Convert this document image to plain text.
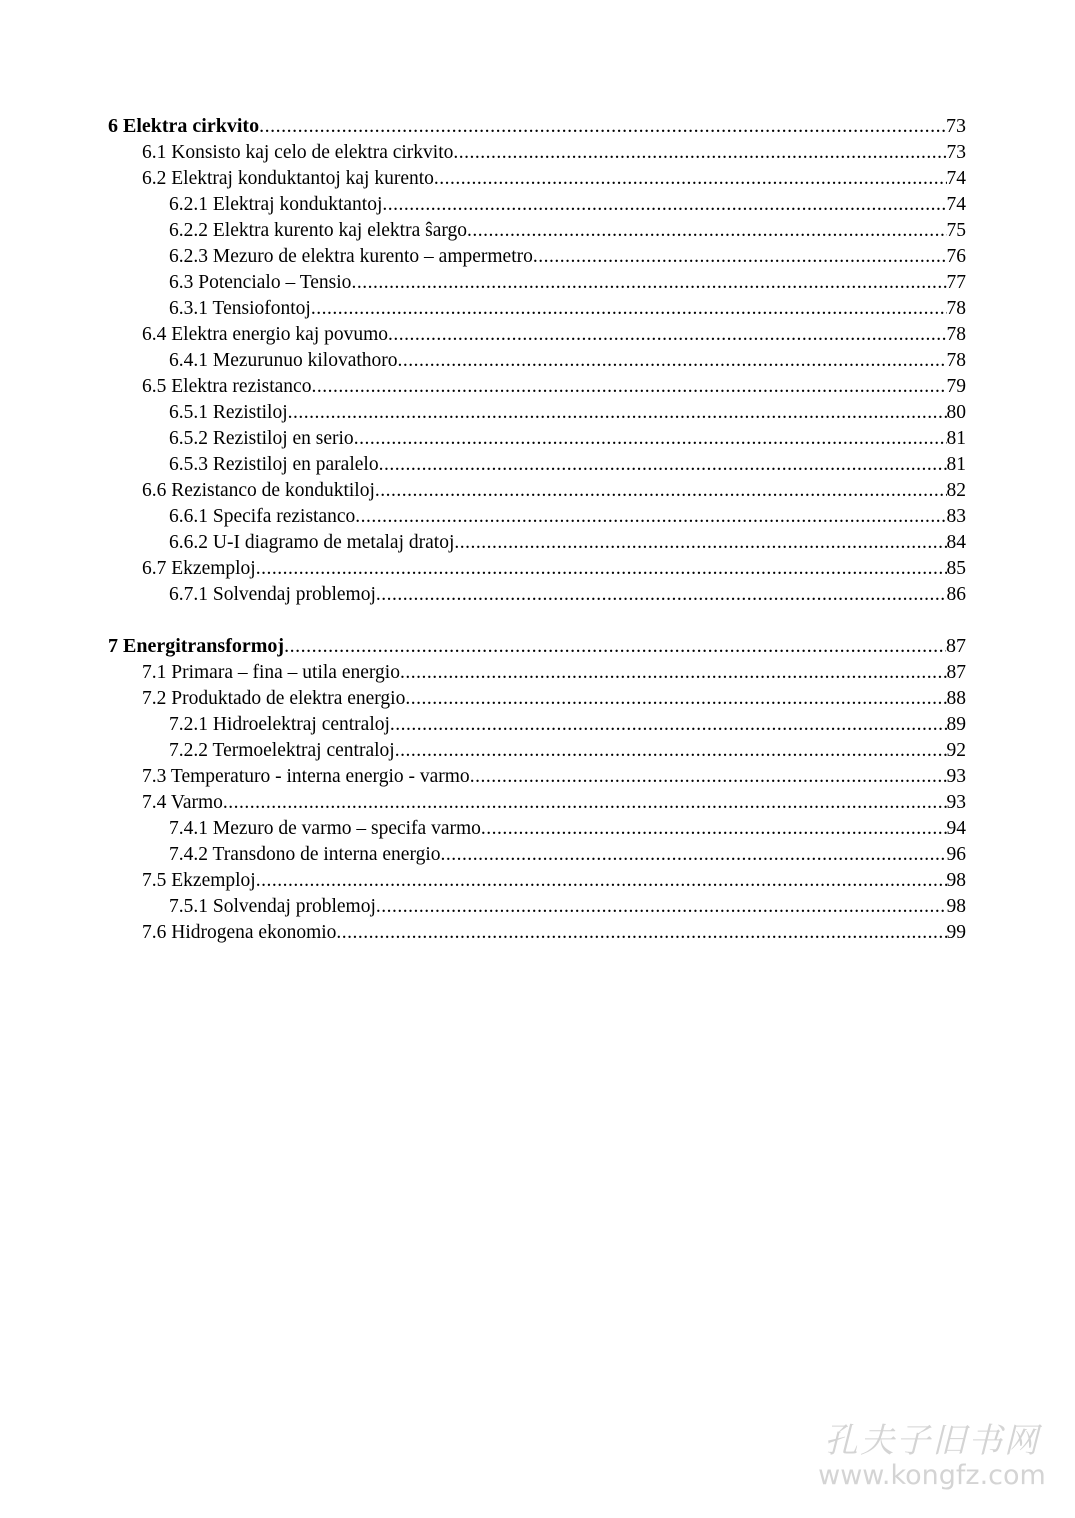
6 Elektra cirkvito .....	73
6.1 Konsisto kaj celo de elektra cirkvito .....	73
6.2 Elektraj konduktantoj kaj kurento .....	74
6.2.1 Elektraj konduktantoj .....	74
6.2.2 Elektra kurento kaj elektra ŝargo .....	75
6.2.3 Mezuro de elektra kurento – ampermetro .....	76
6.3 Potencialo – Tensio .....	77
6.3.1 Tensiofontoj .....	78
6.4 Elektra energio kaj povumo .....	78
6.4.1 Mezurunuo kilovathoro .....	78
6.5 Elektra rezistanco .....	79
6.5.1 Rezistiloj .....	80
6.5.2 Rezistiloj en serio .....	81
6.5.3 Rezistiloj en paralelo .....	81
6.6 Rezistanco de konduktiloj .....	82
6.6.1 Specifa rezistanco .....	83
6.6.2 U-I diagramo de metalaj dratoj .....	84
6.7 Ekzemploj .....	85
6.7.1 Solvendaj problemoj .....	86
7 Energitransformoj .....	87
7.1 Primara – fina – utila energio .....	87
7.2 Produktado de elektra energio .....	88
7.2.1 Hidroelektraj centraloj .....	89
7.2.2 Termoelektraj centraloj .....	92
7.3 Temperaturo - interna energio - varmo .....	93
7.4 Varmo .....	93
7.4.1 Mezuro de varmo – specifa varmo .....	94
7.4.2 Transdono de interna energio .....	96
7.5 Ekzemploj .....	98
7.5.1 Solvendaj problemoj .....	98
7.6 Hidrogena ekonomio .....	99
孔夫子旧书网
www.kongfz.com
